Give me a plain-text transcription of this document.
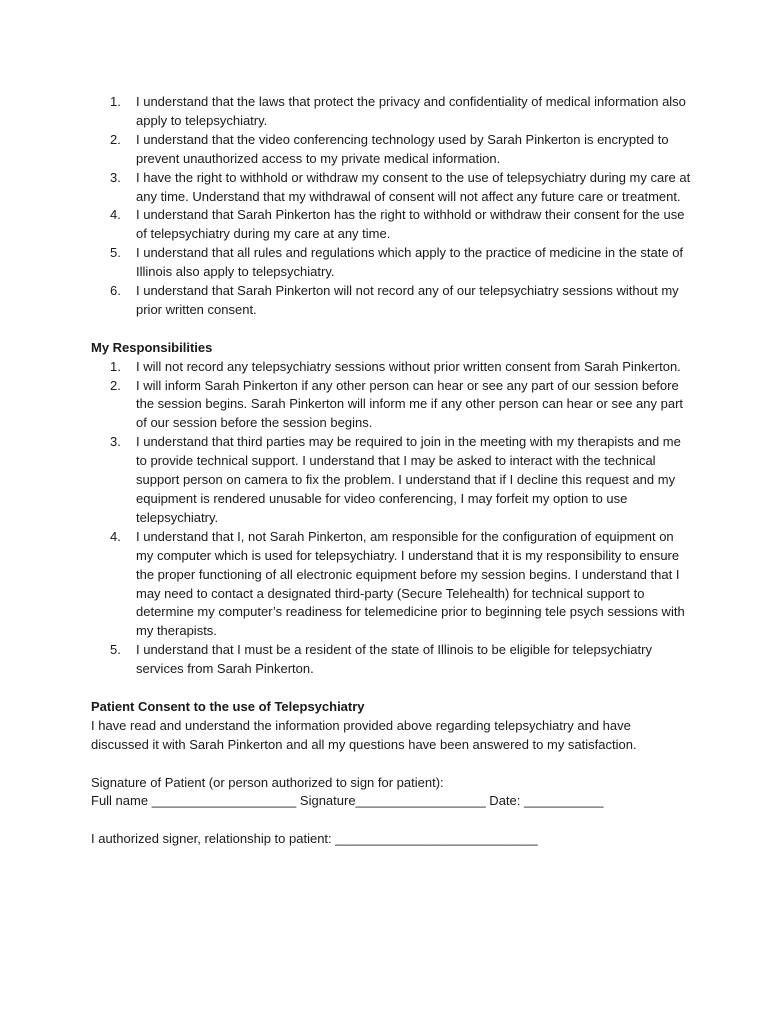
1.	I understand that the laws that protect the privacy and confidentiality of medical information also apply to telepsychiatry.
2.	I understand that the video conferencing technology used by Sarah Pinkerton is encrypted to prevent unauthorized access to my private medical information.
3.	I have the right to withhold or withdraw my consent to the use of telepsychiatry during my care at any time. Understand that my withdrawal of consent will not affect any future care or treatment.
4.	I understand that Sarah Pinkerton has the right to withhold or withdraw their consent for the use of telepsychiatry during my care at any time.
5.	I understand that all rules and regulations which apply to the practice of medicine in the state of Illinois also apply to telepsychiatry.
6.	I understand that Sarah Pinkerton will not record any of our telepsychiatry sessions without my prior written consent.

My Responsibilities

1.	I will not record any telepsychiatry sessions without prior written consent from Sarah Pinkerton.
2.	I will inform Sarah Pinkerton if any other person can hear or see any part of our session before the session begins. Sarah Pinkerton will inform me if any other person can hear or see any part of our session before the session begins.
3.	I understand that third parties may be required to join in the meeting with my therapists and me to provide technical support. I understand that I may be asked to interact with the technical support person on camera to fix the problem. I understand that if I decline this request and my equipment is rendered unusable for video conferencing, I may forfeit my option to use telepsychiatry.
4.	I understand that I, not Sarah Pinkerton, am responsible for the configuration of equipment on my computer which is used for telepsychiatry. I understand that it is my responsibility to ensure the proper functioning of all electronic equipment before my session begins. I understand that I may need to contact a designated third-party (Secure Telehealth) for technical support to determine my computer’s readiness for telemedicine prior to beginning tele psych sessions with my therapists.
5.	I understand that I must be a resident of the state of Illinois to be eligible for telepsychiatry services from Sarah Pinkerton.

Patient Consent to the use of Telepsychiatry

I have read and understand the information provided above regarding telepsychiatry and have discussed it with Sarah Pinkerton and all my questions have been answered to my satisfaction.

Signature of Patient (or person authorized to sign for patient):

Full name ____________________ Signature__________________ Date: ___________

I authorized signer, relationship to patient: ____________________________
